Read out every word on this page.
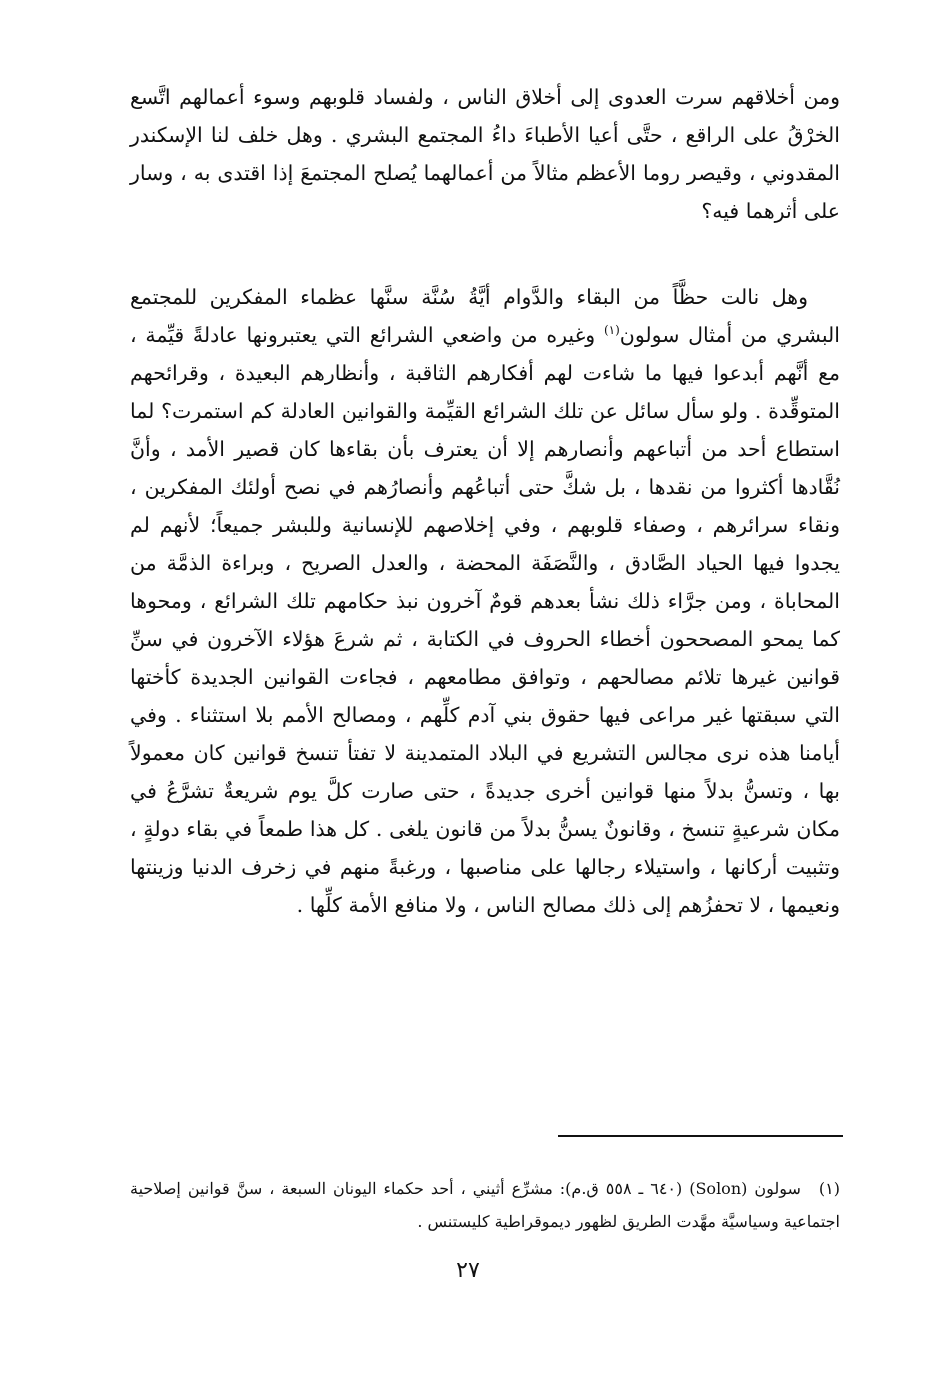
ومن أخلاقهم سرت العدوى إلى أخلاق الناس ، ولفساد قلوبهم وسوء أعمالهم اتَّسع الخرْقُ على الراقع ، حتَّى أعيا الأطباءَ داءُ المجتمع البشري . وهل خلف لنا الإسكندر المقدوني ، وقيصر روما الأعظم مثالاً من أعمالهما يُصلح المجتمعَ إذا اقتدى به ، وسار على أثرهما فيه؟

وهل نالت حظَّاً من البقاء والدَّوام أيَّةُ سُنَّة سنَّها عظماء المفكرين للمجتمع البشري من أمثال سولون$^{(١)}$ وغيره من واضعي الشرائع التي يعتبرونها عادلةً قيِّمة ، مع أنَّهم أبدعوا فيها ما شاءت لهم أفكارهم الثاقبة ، وأنظارهم البعيدة ، وقرائحهم المتوقِّدة . ولو سأل سائل عن تلك الشرائع القيِّمة والقوانين العادلة كم استمرت؟ لما استطاع أحد من أتباعهم وأنصارهم إلا أن يعترف بأن بقاءها كان قصير الأمد ، وأنَّ نُقَّادها أكثروا من نقدها ، بل شكَّ حتى أتباعُهم وأنصارُهم في نصح أولئك المفكرين ، ونقاء سرائرهم ، وصفاء قلوبهم ، وفي إخلاصهم للإنسانية وللبشر جميعاً؛ لأنهم لم يجدوا فيها الحياد الصَّادق ، والنَّصَفَة المحضة ، والعدل الصريح ، وبراءة الذمَّة من المحاباة ، ومن جرَّاء ذلك نشأ بعدهم قومٌ آخرون نبذ حكامهم تلك الشرائع ، ومحوها كما يمحو المصححون أخطاء الحروف في الكتابة ، ثم شرعَ هؤلاء الآخرون في سنِّ قوانين غيرها تلائم مصالحهم ، وتوافق مطامعهم ، فجاءت القوانين الجديدة كأختها التي سبقتها غير مراعى فيها حقوق بني آدم كلِّهم ، ومصالح الأمم بلا استثناء . وفي أيامنا هذه نرى مجالس التشريع في البلاد المتمدينة لا تفتأ تنسخ قوانين كان معمولاً بها ، وتسنُّ بدلاً منها قوانين أخرى جديدةً ، حتى صارت كلَّ يوم شريعةٌ تشرَّعُ في مكان شرعيةٍ تنسخ ، وقانونٌ يسنُّ بدلاً من قانون يلغى . كل هذا طمعاً في بقاء دولةٍ ، وتثبيت أركانها ، واستيلاء رجالها على مناصبها ، ورغبةً منهم في زخرف الدنيا وزينتها ونعيمها ، لا تحفزُهم إلى ذلك مصالح الناس ، ولا منافع الأمة كلِّها .

(١)سولون (Solon) (٦٤٠ ـ ٥٥٨ ق.م): مشرِّع أثيني ، أحد حكماء اليونان السبعة ، سنَّ قوانين إصلاحية اجتماعية وسياسيَّة مهَّدت الطريق لظهور ديموقراطية كليستنس .

٢٧
